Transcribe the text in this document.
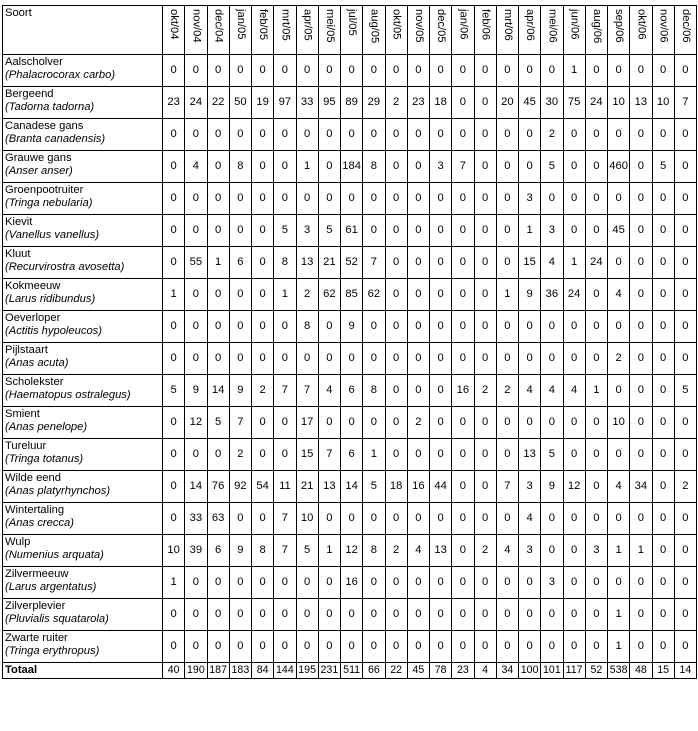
Soort	okt/04	nov/04	dec/04	jan/05	feb/05	mrt/05	apr/05	mei/05	jul/05	aug/05	okt/05	nov/05	dec/05	jan/06	feb/06	mrt/06	apr/06	mei/06	jun/06	aug/06	sep/06	okt/06	nov/06	dec/06

Aalscholver
(Phalacrocorax carbo)	0	0	0	0	0	0	0	0	0	0	0	0	0	0	0	0	0	0	1	0	0	0	0	0

Bergeend
(Tadorna tadorna)	23	24	22	50	19	97	33	95	89	29	2	23	18	0	0	20	45	30	75	24	10	13	10	7

Canadese gans
(Branta canadensis)	0	0	0	0	0	0	0	0	0	0	0	0	0	0	0	0	0	2	0	0	0	0	0	0

Grauwe gans
(Anser anser)	0	4	0	8	0	0	1	0	184	8	0	0	3	7	0	0	0	5	0	0	460	0	5	0

Groenpootruiter
(Tringa nebularia)	0	0	0	0	0	0	0	0	0	0	0	0	0	0	0	0	3	0	0	0	0	0	0	0

Kievit
(Vanellus vanellus)	0	0	0	0	0	5	3	5	61	0	0	0	0	0	0	0	1	3	0	0	45	0	0	0

Kluut
(Recurvirostra avosetta)	0	55	1	6	0	8	13	21	52	7	0	0	0	0	0	0	15	4	1	24	0	0	0	0

Kokmeeuw
(Larus ridibundus)	1	0	0	0	0	1	2	62	85	62	0	0	0	0	0	1	9	36	24	0	4	0	0	0

Oeverloper
(Actitis hypoleucos)	0	0	0	0	0	0	8	0	9	0	0	0	0	0	0	0	0	0	0	0	0	0	0	0

Pijlstaart
(Anas acuta)	0	0	0	0	0	0	0	0	0	0	0	0	0	0	0	0	0	0	0	0	2	0	0	0

Scholekster
(Haematopus ostralegus)	5	9	14	9	2	7	7	4	6	8	0	0	0	16	2	2	4	4	4	1	0	0	0	5

Smient
(Anas penelope)	0	12	5	7	0	0	17	0	0	0	0	2	0	0	0	0	0	0	0	0	10	0	0	0

Tureluur
(Tringa totanus)	0	0	0	2	0	0	15	7	6	1	0	0	0	0	0	0	13	5	0	0	0	0	0	0

Wilde eend
(Anas platyrhynchos)	0	14	76	92	54	11	21	13	14	5	18	16	44	0	0	7	3	9	12	0	4	34	0	2

Wintertaling
(Anas crecca)	0	33	63	0	0	7	10	0	0	0	0	0	0	0	0	0	4	0	0	0	0	0	0	0

Wulp
(Numenius arquata)	10	39	6	9	8	7	5	1	12	8	2	4	13	0	2	4	3	0	0	3	1	1	0	0

Zilvermeeuw
(Larus argentatus)	1	0	0	0	0	0	0	0	16	0	0	0	0	0	0	0	0	3	0	0	0	0	0	0

Zilverplevier
(Pluvialis squatarola)	0	0	0	0	0	0	0	0	0	0	0	0	0	0	0	0	0	0	0	0	1	0	0	0

Zwarte ruiter
(Tringa erythropus)	0	0	0	0	0	0	0	0	0	0	0	0	0	0	0	0	0	0	0	0	1	0	0	0
Totaal	40	190	187	183	84	144	195	231	511	66	22	45	78	23	4	34	100	101	117	52	538	48	15	14
